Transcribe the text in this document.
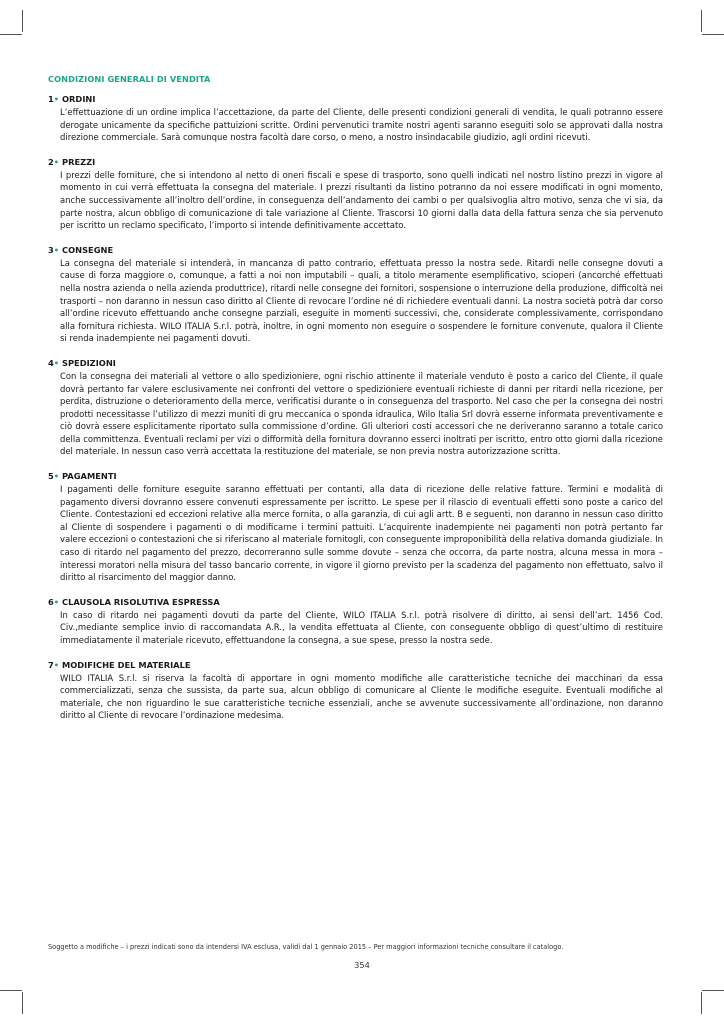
CONDIZIONI GENERALI DI VENDITA
1• ORDINI
L’effettuazione di un ordine implica l’accettazione, da parte del Cliente, delle presenti condizioni generali di vendita, le quali potranno essere derogate unicamente da specifiche pattuizioni scritte. Ordini pervenutici tramite nostri agenti saranno eseguiti solo se approvati dalla nostra direzione commerciale. Sarà comunque nostra facoltà dare corso, o meno, a nostro insindacabile giudizio, agli ordini ricevuti.
2• PREZZI
I prezzi delle forniture, che si intendono al netto di oneri fiscali e spese di trasporto, sono quelli indicati nel nostro listino prezzi in vigore al momento in cui verrà effettuata la consegna del materiale. I prezzi risultanti da listino potranno da noi essere modificati in ogni momento, anche successivamente all’inoltro dell’ordine, in conseguenza dell’andamento dei cambi o per qualsivoglia altro motivo, senza che vi sia, da parte nostra, alcun obbligo di comunicazione di tale variazione al Cliente. Trascorsi 10 giorni dalla data della fattura senza che sia pervenuto per iscritto un reclamo specificato, l’importo si intende definitivamente accettato.
3• CONSEGNE
La consegna del materiale si intenderà, in mancanza di patto contrario, effettuata presso la nostra sede. Ritardi nelle consegne dovuti a cause di forza maggiore o, comunque, a fatti a noi non imputabili – quali, a titolo meramente esemplificativo, scioperi (ancorché effettuati nella nostra azienda o nella azienda produttrice), ritardi nelle consegne dei fornitori, sospensione o interruzione della produzione, difficoltà nei trasporti – non daranno in nessun caso diritto al Cliente di revocare l’ordine né di richiedere eventuali danni. La nostra società potrà dar corso all’ordine ricevuto effettuando anche consegne parziali, eseguite in momenti successivi, che, considerate complessivamente, corrispondano alla fornitura richiesta. WILO ITALIA S.r.l. potrà, inoltre, in ogni momento non eseguire o sospendere le forniture convenute, qualora il Cliente si renda inadempiente nei pagamenti dovuti.
4• SPEDIZIONI
Con la consegna dei materiali al vettore o allo spedizioniere, ogni rischio attinente il materiale venduto è posto a carico del Cliente, il quale dovrà pertanto far valere esclusivamente nei confronti del vettore o spedizioniere eventuali richieste di danni per ritardi nella ricezione, per perdita, distruzione o deterioramento della merce, verificatisi durante o in conseguenza del trasporto. Nel caso che per la consegna dei nostri prodotti necessitasse l’utilizzo di mezzi muniti di gru meccanica o sponda idraulica, Wilo Italia Srl dovrà esserne informata preventivamente e ciò dovrà essere esplicitamente riportato sulla commissione d’ordine. Gli ulteriori costi accessori che ne deriveranno saranno a totale carico della committenza. Eventuali reclami per vizi o difformità della fornitura dovranno esserci inoltrati per iscritto, entro otto giorni dalla ricezione del materiale. In nessun caso verrà accettata la restituzione del materiale, se non previa nostra autorizzazione scritta.
5• PAGAMENTI
I pagamenti delle forniture eseguite saranno effettuati per contanti, alla data di ricezione delle relative fatture. Termini e modalità di pagamento diversi dovranno essere convenuti espressamente per iscritto. Le spese per il rilascio di eventuali effetti sono poste a carico del Cliente. Contestazioni ed eccezioni relative alla merce fornita, o alla garanzia, di cui agli artt. B e seguenti, non daranno in nessun caso diritto al Cliente di sospendere i pagamenti o di modificarne i termini pattuiti. L’acquirente inadempiente nei pagamenti non potrà pertanto far valere eccezioni o contestazioni che si riferiscano al materiale fornitogli, con conseguente improponibilità della relativa domanda giudiziale. In caso di ritardo nel pagamento del prezzo, decorreranno sulle somme dovute – senza che occorra, da parte nostra, alcuna messa in mora – interessi moratori nella misura del tasso bancario corrente, in vigore il giorno previsto per la scadenza del pagamento non effettuato, salvo il diritto al risarcimento del maggior danno.
6• CLAUSOLA RISOLUTIVA ESPRESSA
In caso di ritardo nei pagamenti dovuti da parte del Cliente, WILO ITALIA S.r.l. potrà risolvere di diritto, ai sensi dell’art. 1456 Cod. Civ.,mediante semplice invio di raccomandata A.R., la vendita effettuata al Cliente, con conseguente obbligo di quest’ultimo di restituire immediatamente il materiale ricevuto, effettuandone la consegna, a sue spese, presso la nostra sede.
7• MODIFICHE DEL MATERIALE
WILO ITALIA S.r.l. si riserva la facoltà di apportare in ogni momento modifiche alle caratteristiche tecniche dei macchinari da essa commercializzati, senza che sussista, da parte sua, alcun obbligo di comunicare al Cliente le modifiche eseguite. Eventuali modifiche al materiale, che non riguardino le sue caratteristiche tecniche essenziali, anche se avvenute successivamente all’ordinazione, non daranno diritto al Cliente di revocare l’ordinazione medesima.
Soggetto a modifiche – i prezzi indicati sono da intendersi IVA esclusa, validi dal 1 gennaio 2015 – Per maggiori informazioni tecniche consultare il catalogo.
354
